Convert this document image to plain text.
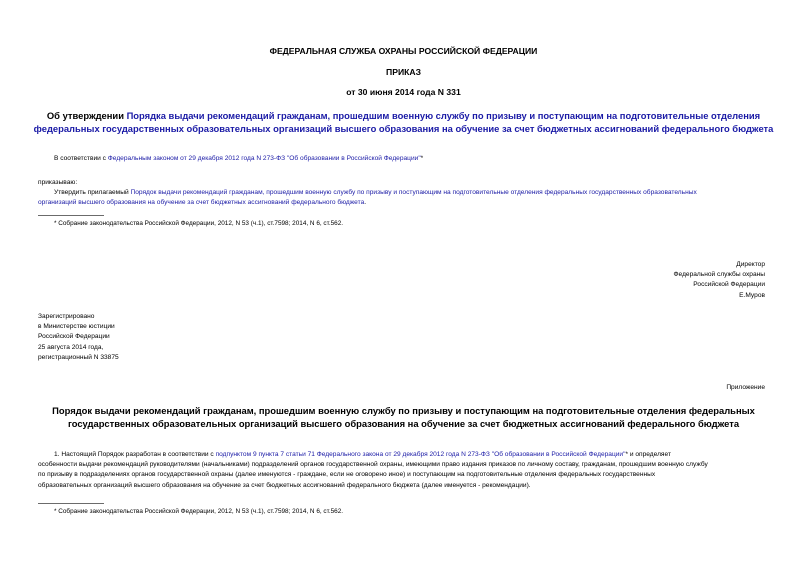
ФЕДЕРАЛЬНАЯ СЛУЖБА ОХРАНЫ РОССИЙСКОЙ ФЕДЕРАЦИИ
ПРИКАЗ
от 30 июня 2014 года N 331
Об утверждении Порядка выдачи рекомендаций гражданам, прошедшим военную службу по призыву и поступающим на подготовительные отделения
федеральных государственных образовательных организаций высшего образования на обучение за счет бюджетных ассигнований федерального бюджета
В соответствии с Федеральным законом от 29 декабря 2012 года N 273-ФЗ "Об образовании в Российской Федерации"*
приказываю:
Утвердить прилагаемый Порядок выдачи рекомендаций гражданам, прошедшим военную службу по призыву и поступающим на подготовительные отделения федеральных государственных образовательных
организаций высшего образования на обучение за счет бюджетных ассигнований федерального бюджета.
* Собрание законодательства Российской Федерации, 2012, N 53 (ч.1), ст.7598; 2014, N 6, ст.562.
Директор
Федеральной службы охраны
Российской Федерации
Е.Муров
Зарегистрировано
в Министерстве юстиции
Российской Федерации
25 августа 2014 года,
регистрационный N 33875
Приложение
Порядок выдачи рекомендаций гражданам, прошедшим военную службу по призыву и поступающим на подготовительные отделения федеральных
государственных образовательных организаций высшего образования на обучение за счет бюджетных ассигнований федерального бюджета
1. Настоящий Порядок разработан в соответствии с подпунктом 9 пункта 7 статьи 71 Федерального закона от 29 декабря 2012 года N 273-ФЗ "Об образовании в Российской Федерации"* и определяет
особенности выдачи рекомендаций руководителями (начальниками) подразделений органов государственной охраны, имеющими право издания приказов по личному составу, гражданам, прошедшим военную службу
по призыву в подразделениях органов государственной охраны (далее именуются - граждане, если не оговорено иное) и поступающим на подготовительные отделения федеральных государственных
образовательных организаций высшего образования на обучение за счет бюджетных ассигнований федерального бюджета (далее именуется - рекомендации).
* Собрание законодательства Российской Федерации, 2012, N 53 (ч.1), ст.7598; 2014, N 6, ст.562.
